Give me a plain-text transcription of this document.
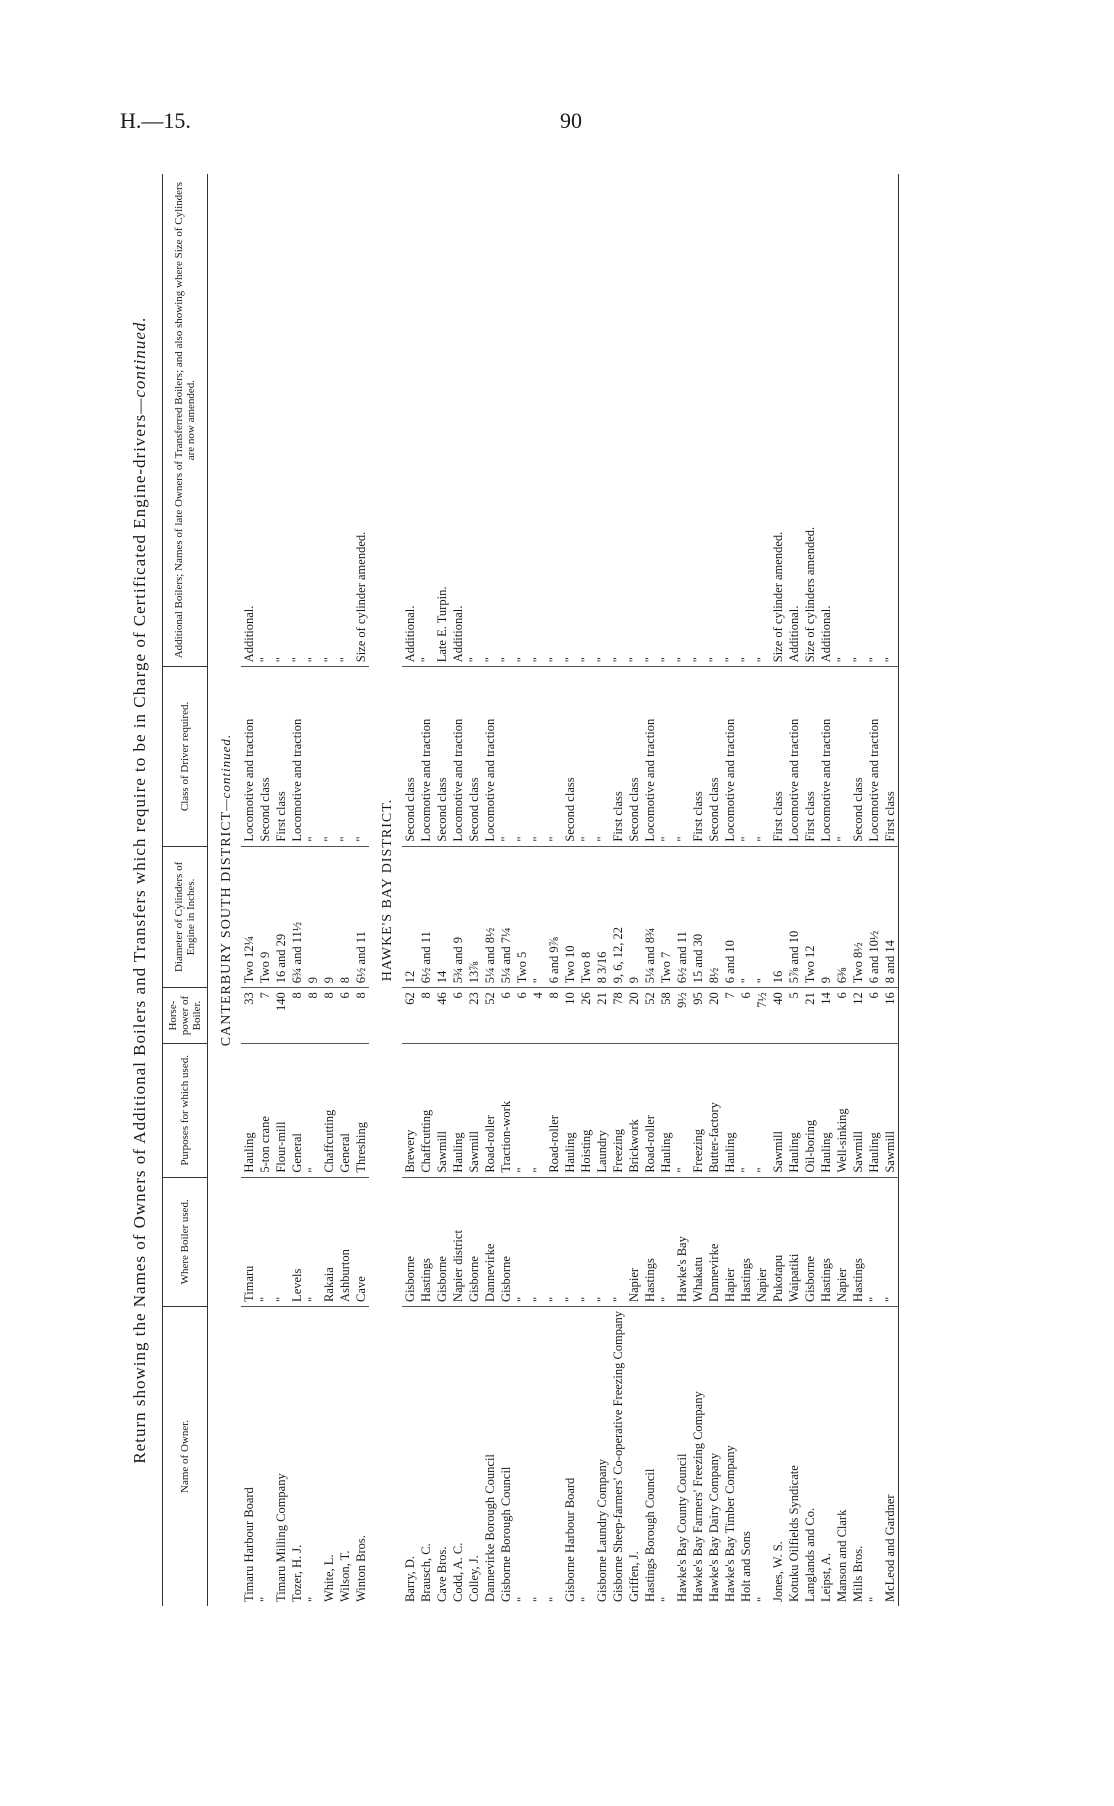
H.—15.	90
Return showing the Names of Owners of Additional Boilers and Transfers which require to be in Charge of Certificated Engine-drivers—continued.
Name of Owner.	Where Boiler used.	Purposes for which used.	Horse-power of Boiler.	Diameter of Cylinders of Engine in Inches.	Class of Driver required.	Additional Boilers; Names of late Owners of Transferred Boilers; and also showing where Size of Cylinders are now amended.
CANTERBURY SOUTH DISTRICT—continued.						
Timaru Harbour Board	Timaru	Hauling	33	Two 12¼	Locomotive and traction	Additional.
"	"	5-ton crane	7	Two 9	Second class	"
Timaru Milling Company	"	Flour-mill	140	16 and 29	First class	"
Tozer, H. J.	Levels	General	8	6¾ and 11½	Locomotive and traction	"
"	"	"	8	9	"	"
White, L.	Rakaia	Chaffcutting	8	9	"	"
Wilson, T.	Ashburton	General	6	8	"	"
Winton Bros.	Cave	Threshing	8	6½ and 11	"	Size of cylinder amended.
HAWKE'S BAY DISTRICT.						
Barry, D.	Gisborne	Brewery	62	12	Second class	Additional.
Brausch, C.	Hastings	Chaffcutting	8	6½ and 11	Locomotive and traction	"
Cave Bros.	Gisborne	Sawmill	46	14	Second class	Late E. Turpin.
Codd, A. C.	Napier district	Hauling	6	5¾ and 9	Locomotive and traction	Additional.
Colley, J.	Gisborne	Sawmill	23	13⅞	Second class	"
Dannevirke Borough Council	Dannevirke	Road-roller	52	5¼ and 8½	Locomotive and traction	"
Gisborne Borough Council	Gisborne	Traction-work	6	5¼ and 7¼	"	"
"	"	"	6	Two 5	"	"
"	"	"	4	"	"	"
"	"	Road-roller	8	6 and 9⅞	"	"
Gisborne Harbour Board	"	Hauling	10	Two 10	Second class	"
"	"	Hoisting	26	Two 8	"	"
Gisborne Laundry Company	"	Laundry	21	8 3/16	"	"
Gisborne Sheep-farmers' Co-operative Freezing Company	"	Freezing	78	9, 6, 12, 22	First class	"
Griffen, J.	Napier	Brickwork	20	9	Second class	"
Hastings Borough Council	Hastings	Road-roller	52	5¼ and 8¾	Locomotive and traction	"
"	"	Hauling	58	Two 7	"	"
Hawke's Bay County Council	Hawke's Bay	"	9½	6½ and 11	"	"
Hawke's Bay Farmers' Freezing Company	Whakatu	Freezing	95	15 and 30	First class	"
Hawke's Bay Dairy Company	Dannevirke	Butter-factory	20	8½	Second class	"
Hawke's Bay Timber Company	Hapier	Hauling	7	6 and 10	Locomotive and traction	"
Holt and Sons	Hastings	"	6	"	"	"
"	Napier	"	7½	"	"	"
Jones, W. S.	Pukotapu	Sawmill	40	16	First class	Size of cylinder amended.
Kotuku Oilfields Syndicate	Waipatiki	Hauling	5	5⅞ and 10	Locomotive and traction	Additional.
Langlands and Co.	Gisborne	Oil-boring	21	Two 12	First class	Size of cylinders amended.
Leipst, A.	Hastings	Hauling	14	9	Locomotive and traction	Additional.
Manson and Clark	Napier	Well-sinking	6	6⅜	"	"
Mills Bros.	Hastings	Sawmill	12	Two 8½	Second class	"
"	"	Hauling	6	6 and 10½	Locomotive and traction	"
McLeod and Gardner	"	Sawmill	16	8 and 14	First class	"
